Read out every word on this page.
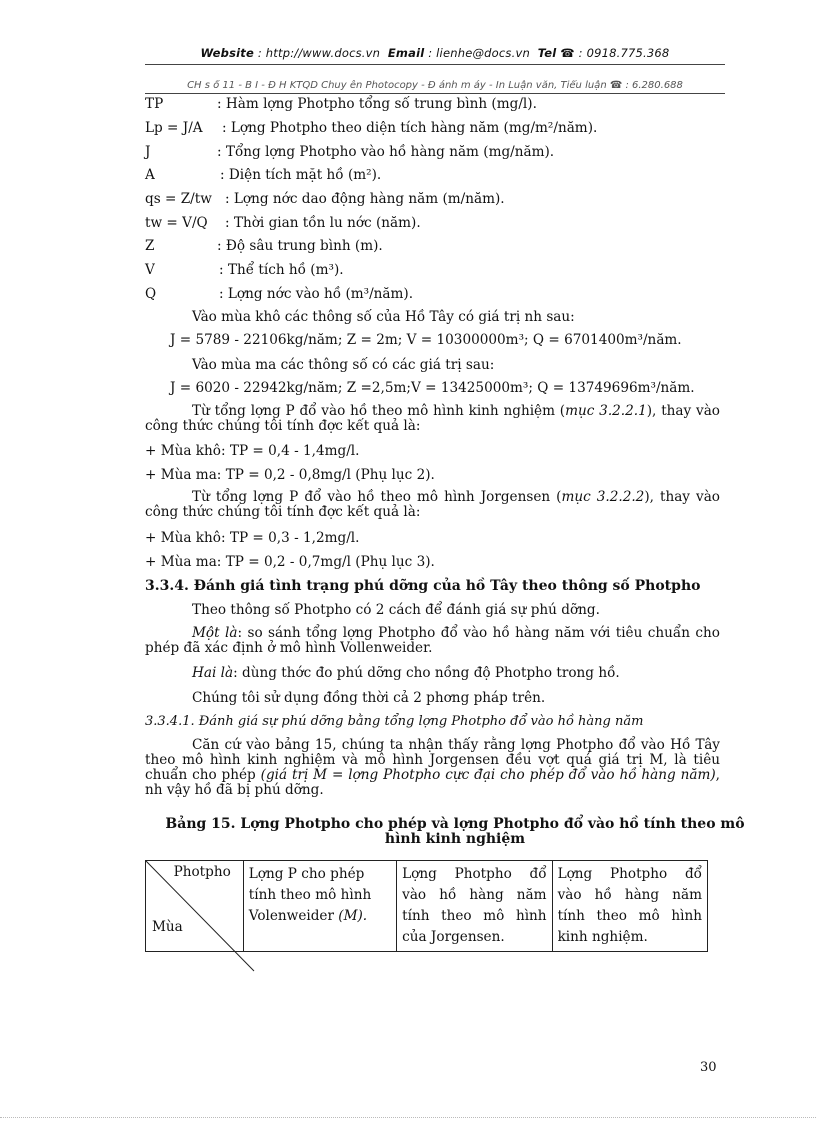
Website : http://www.docs.vn Email : lienhe@docs.vn Tel ☎ : 0918.775.368
CH s ố 11 - B I - Đ H KTQD Chuy ên Photocopy - Đ ánh m áy - In Luận văn, Tiểu luận ☎ : 6.280.688
TP	: Hàm lợng Photpho tổng số trung bình (mg/l).
Lp = J/A : Lợng Photpho theo diện tích hàng năm (mg/m²/năm).
J	: Tổng lợng Photpho vào hồ hàng năm (mg/năm).
A	: Diện tích mặt hồ (m²).
qs = Z/tw : Lợng nớc dao động hàng năm (m/năm).
tw = V/Q : Thời gian tồn lu nớc (năm).
Z	: Độ sâu trung bình (m).
V	: Thể tích hồ (m³).
Q	: Lợng nớc vào hồ (m³/năm).
Vào mùa khô các thông số của Hồ Tây có giá trị nh sau:
J = 5789 - 22106kg/năm; Z = 2m; V = 10300000m³; Q = 6701400m³/năm.
Vào mùa ma các thông số có các giá trị sau:
J = 6020 - 22942kg/năm; Z =2,5m;V = 13425000m³; Q = 13749696m³/năm.
Từ tổng lợng P đổ vào hồ theo mô hình kinh nghiệm (mục 3.2.2.1), thay vào công thức chúng tôi tính đợc kết quả là:
+ Mùa khô: TP = 0,4 - 1,4mg/l.
+ Mùa ma: TP = 0,2 - 0,8mg/l (Phụ lục 2).
Từ tổng lợng P đổ vào hồ theo mô hình Jorgensen (mục 3.2.2.2), thay vào công thức chúng tôi tính đợc kết quả là:
+ Mùa khô: TP = 0,3 - 1,2mg/l.
+ Mùa ma: TP = 0,2 - 0,7mg/l (Phụ lục 3).
3.3.4. Đánh giá tình trạng phú dỡng của hồ Tây theo thông số Photpho
Theo thông số Photpho có 2 cách để đánh giá sự phú dỡng.
Một là: so sánh tổng lợng Photpho đổ vào hồ hàng năm với tiêu chuẩn cho phép đã xác định ở mô hình Vollenweider.
Hai là: dùng thớc đo phú dỡng cho nồng độ Photpho trong hồ.
Chúng tôi sử dụng đồng thời cả 2 phơng pháp trên.
3.3.4.1. Đánh giá sự phú dỡng bằng tổng lợng Photpho đổ vào hồ hàng năm
Căn cứ vào bảng 15, chúng ta nhận thấy rằng lợng Photpho đổ vào Hồ Tây theo mô hình kinh nghiệm và mô hình Jorgensen đều vợt quá giá trị M, là tiêu chuẩn cho phép (giá trị M = lợng Photpho cực đại cho phép đổ vào hồ hàng năm), nh vậy hồ đã bị phú dỡng.
Bảng 15. Lợng Photpho cho phép và lợng Photpho đổ vào hồ tính theo mô hình kinh nghiệm
Photpho
Mùa
	Lợng P cho phép tính theo mô hình Volenweider (M).	Lợng Photpho đổ vào hồ hàng năm tính theo mô hình của Jorgensen.	Lợng Photpho đổ vào hồ hàng năm tính theo mô hình kinh nghiệm.
30
